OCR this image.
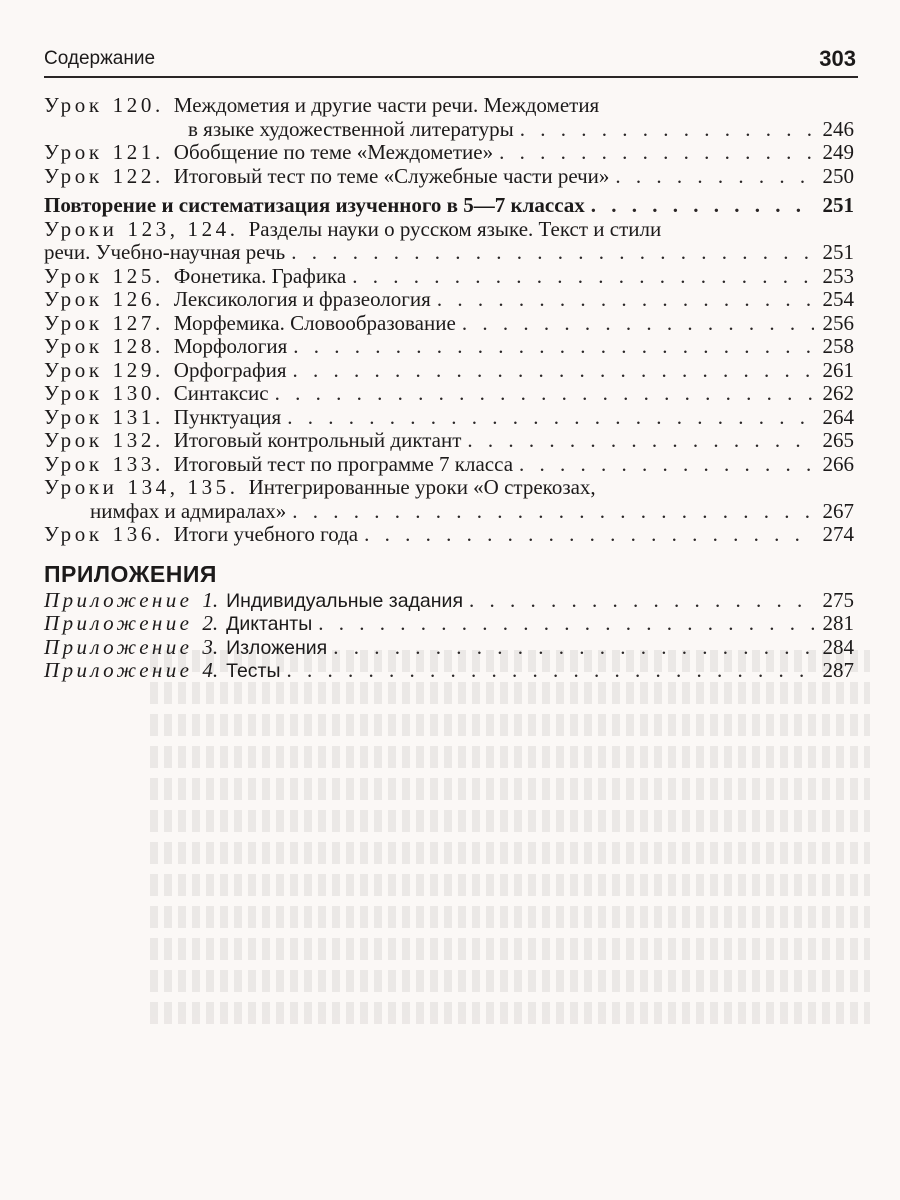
Содержание	303
Урок 120. Междометия и другие части речи. Междометия
в языке художественной литературы . . .	246
Урок 121. Обобщение по теме «Междометие» . . .	249
Урок 122. Итоговый тест по теме «Служебные части речи» . . .	250
Повторение и систематизация изученного в 5—7 классах . . .	251
Уроки 123, 124. Разделы науки о русском языке. Текст и стили
речи. Учебно-научная речь . . .	251
Урок 125. Фонетика. Графика . . .	253
Урок 126. Лексикология и фразеология . . .	254
Урок 127. Морфемика. Словообразование . . .	256
Урок 128. Морфология . . .	258
Урок 129. Орфография . . .	261
Урок 130. Синтаксис . . .	262
Урок 131. Пунктуация . . .	264
Урок 132. Итоговый контрольный диктант . . .	265
Урок 133. Итоговый тест по программе 7 класса . . .	266
Уроки 134, 135. Интегрированные уроки «О стрекозах,
нимфах и адмиралах» . . .	267
Урок 136. Итоги учебного года . . .	274
ПРИЛОЖЕНИЯ
Приложение 1. Индивидуальные задания . . .	275
Приложение 2. Диктанты . . .	281
Приложение 3. Изложения . . .	284
Приложение 4. Тесты . . .	287
